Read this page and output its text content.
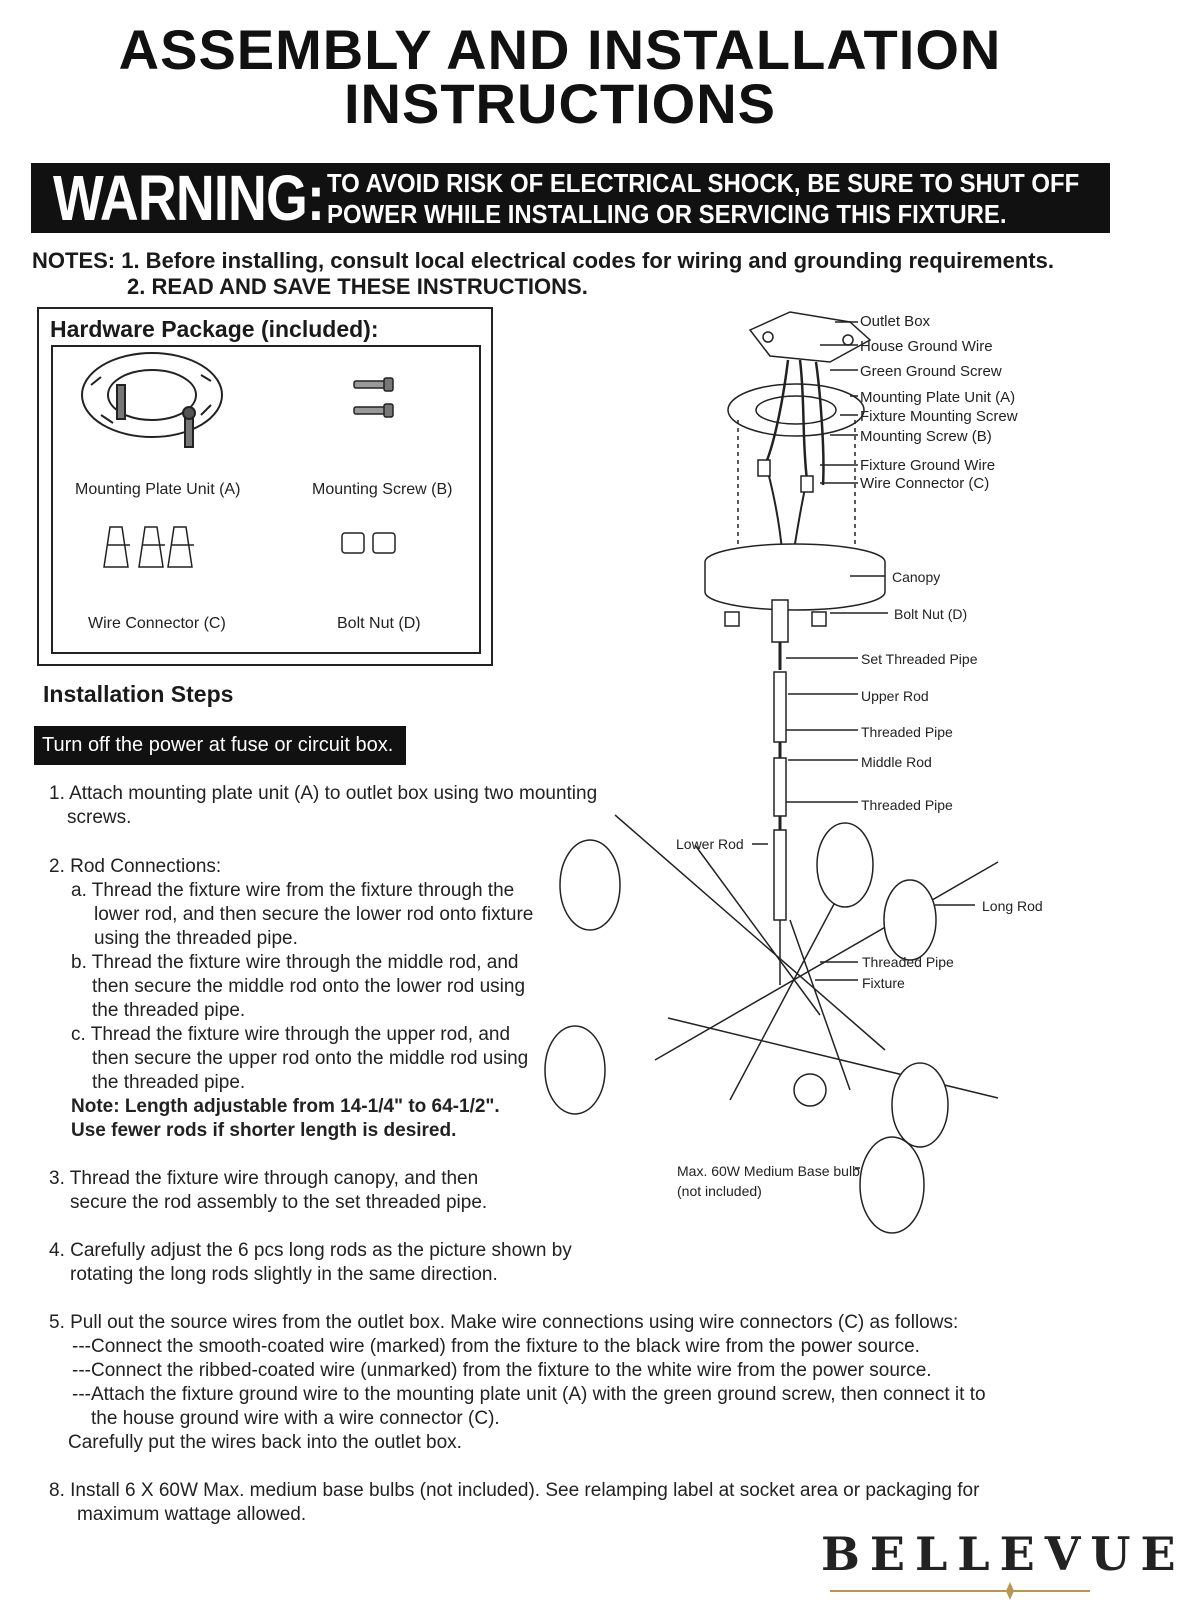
ASSEMBLY AND INSTALLATION
INSTRUCTIONS
WARNING: TO AVOID RISK OF ELECTRICAL SHOCK, BE SURE TO SHUT OFF
POWER WHILE INSTALLING OR SERVICING THIS FIXTURE.
NOTES: 1. Before installing, consult local electrical codes for wiring and grounding requirements.
2. READ AND SAVE THESE INSTRUCTIONS.
Hardware Package (included):
Mounting Plate Unit (A)	Mounting Screw (B)
Wire Connector (C)	Bolt Nut (D)
Installation Steps
Turn off the power at fuse or circuit box.
1. Attach mounting plate unit (A) to outlet box using two mounting
screws.
2. Rod Connections:
a. Thread the fixture wire from the fixture through the
lower rod, and then secure the lower rod onto fixture
using the threaded pipe.
b. Thread the fixture wire through the middle rod, and
then secure the middle rod onto the lower rod using
the threaded pipe.
c. Thread the fixture wire through the upper rod, and
then secure the upper rod onto the middle rod using
the threaded pipe.
Note: Length adjustable from 14-1/4" to 64-1/2".
Use fewer rods if shorter length is desired.
3. Thread the fixture wire through canopy, and then
secure the rod assembly to the set threaded pipe.
4. Carefully adjust the 6 pcs long rods as the picture shown by
rotating the long rods slightly in the same direction.
5. Pull out the source wires from the outlet box. Make wire connections using wire connectors (C) as follows:
---Connect the smooth-coated wire (marked) from the fixture to the black wire from the power source.
---Connect the ribbed-coated wire (unmarked) from the fixture to the white wire from the power source.
---Attach the fixture ground wire to the mounting plate unit (A) with the green ground screw, then connect it to
the house ground wire with a wire connector (C).
Carefully put the wires back into the outlet box.
8. Install 6 X 60W Max. medium base bulbs (not included). See relamping label at socket area or packaging for
maximum wattage allowed.
Outlet Box
House Ground Wire
Green Ground Screw
Mounting Plate Unit (A)
Fixture Mounting Screw
Mounting Screw (B)
Fixture Ground Wire
Wire Connector (C)
Canopy
Bolt Nut (D)
Set Threaded Pipe
Upper Rod
Threaded Pipe
Middle Rod
Threaded Pipe
Lower Rod
Long Rod
Threaded Pipe
Fixture
Max. 60W Medium Base bulb
(not included)
BELLEVUE
